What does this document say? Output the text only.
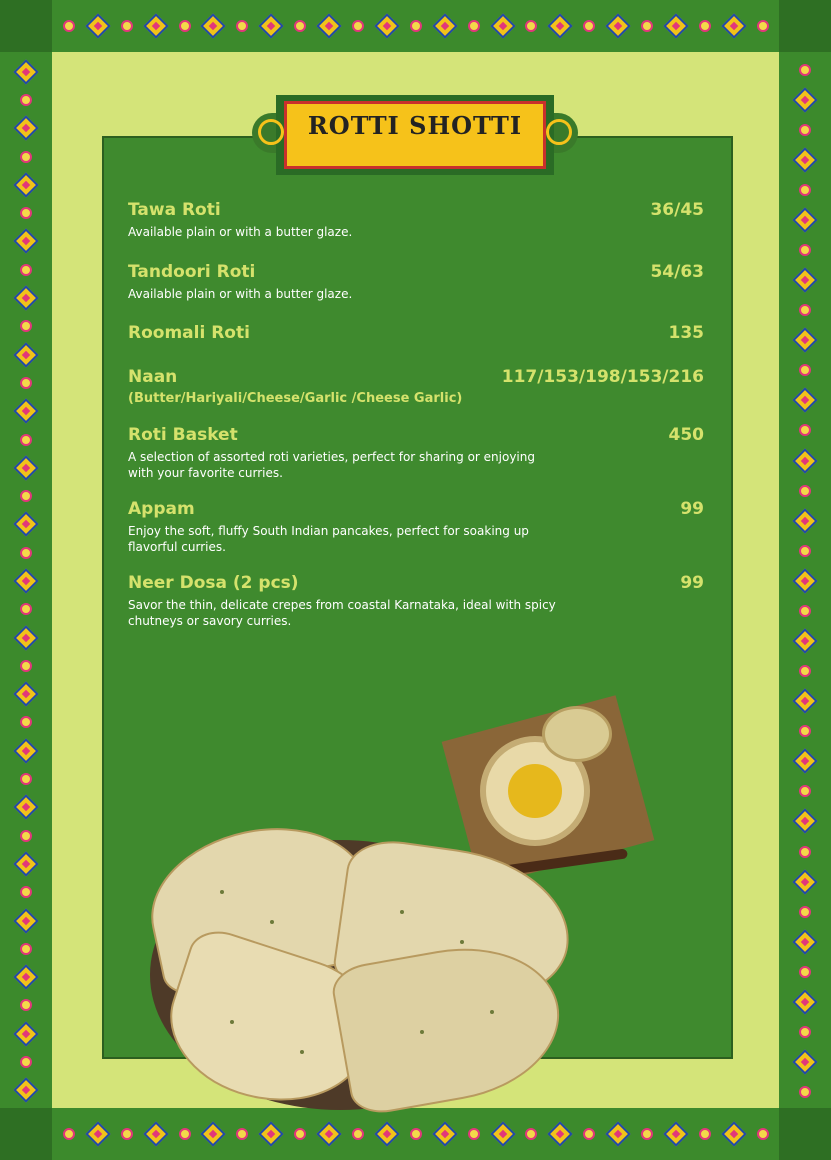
ROTTI SHOTTI
Tawa Roti	36/45
Available plain or with a butter glaze.
Tandoori Roti	54/63
Available plain or with a butter glaze.
Roomali Roti	135
Naan	117/153/198/153/216
(Butter/Hariyali/Cheese/Garlic /Cheese Garlic)
Roti Basket	450
A selection of assorted roti varieties, perfect for sharing or enjoying with your favorite curries.
Appam	99
Enjoy the soft, fluffy South Indian pancakes, perfect for soaking up flavorful curries.
Neer Dosa (2 pcs)	99
Savor the thin, delicate crepes from coastal Karnataka, ideal with spicy chutneys or savory curries.
